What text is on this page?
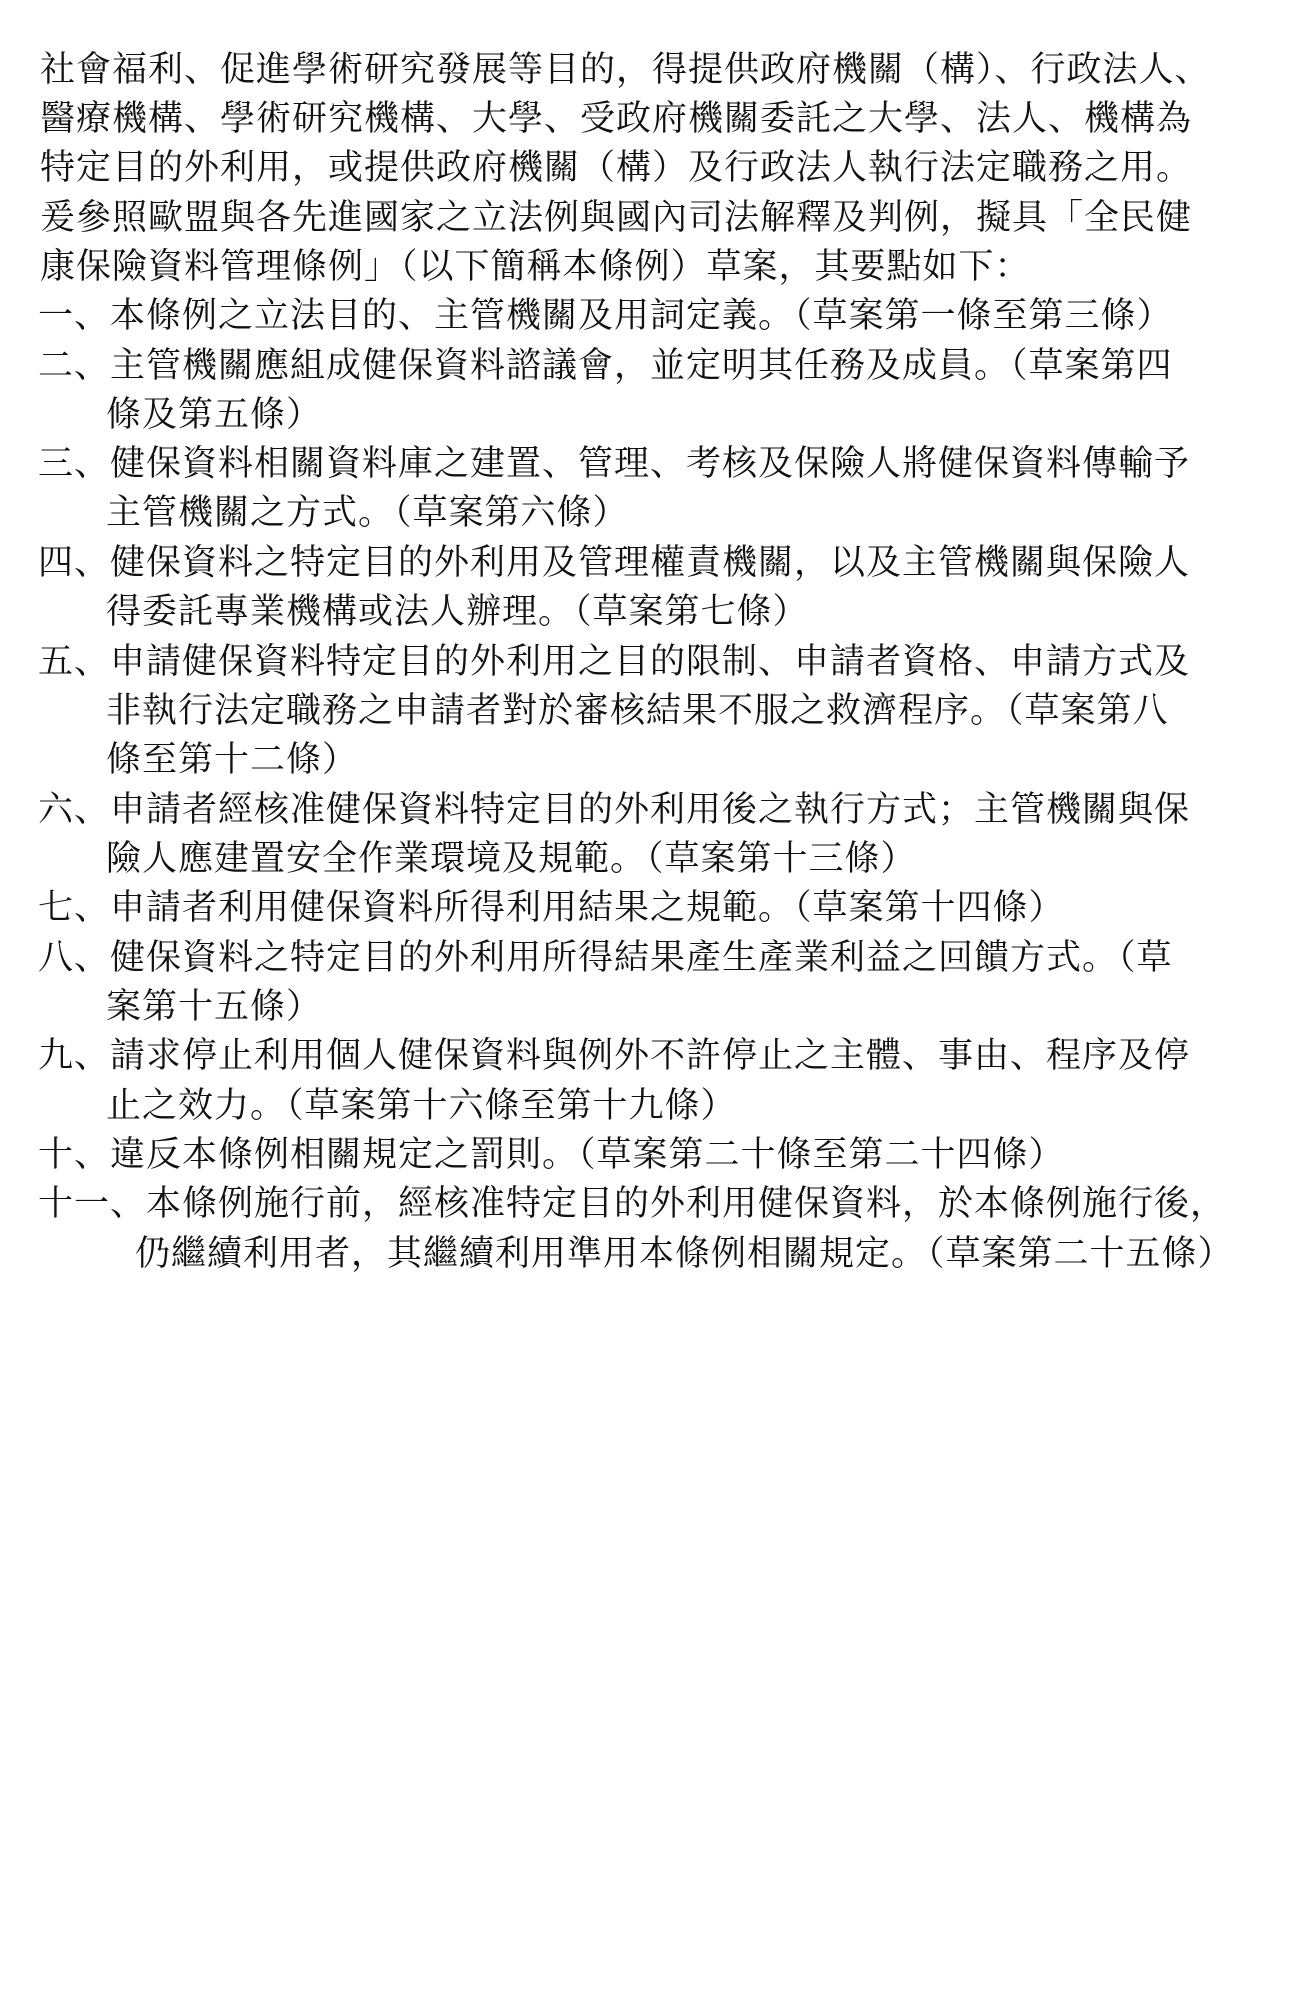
社會福利、促進學術研究發展等目的，得提供政府機關（構）、行政法人、
醫療機構、學術研究機構、大學、受政府機關委託之大學、法人、機構為
特定目的外利用，或提供政府機關（構）及行政法人執行法定職務之用。
爰參照歐盟與各先進國家之立法例與國內司法解釋及判例，擬具「全民健
康保險資料管理條例」（以下簡稱本條例）草案，其要點如下：
一、本條例之立法目的、主管機關及用詞定義。（草案第一條至第三條）
二、主管機關應組成健保資料諮議會，並定明其任務及成員。（草案第四
條及第五條）
三、健保資料相關資料庫之建置、管理、考核及保險人將健保資料傳輸予
主管機關之方式。（草案第六條）
四、健保資料之特定目的外利用及管理權責機關，以及主管機關與保險人
得委託專業機構或法人辦理。（草案第七條）
五、申請健保資料特定目的外利用之目的限制、申請者資格、申請方式及
非執行法定職務之申請者對於審核結果不服之救濟程序。（草案第八
條至第十二條）
六、申請者經核准健保資料特定目的外利用後之執行方式；主管機關與保
險人應建置安全作業環境及規範。（草案第十三條）
七、申請者利用健保資料所得利用結果之規範。（草案第十四條）
八、健保資料之特定目的外利用所得結果產生產業利益之回饋方式。（草
案第十五條）
九、請求停止利用個人健保資料與例外不許停止之主體、事由、程序及停
止之效力。（草案第十六條至第十九條）
十、違反本條例相關規定之罰則。（草案第二十條至第二十四條）
十一、本條例施行前，經核准特定目的外利用健保資料，於本條例施行後，
仍繼續利用者，其繼續利用準用本條例相關規定。（草案第二十五條）
